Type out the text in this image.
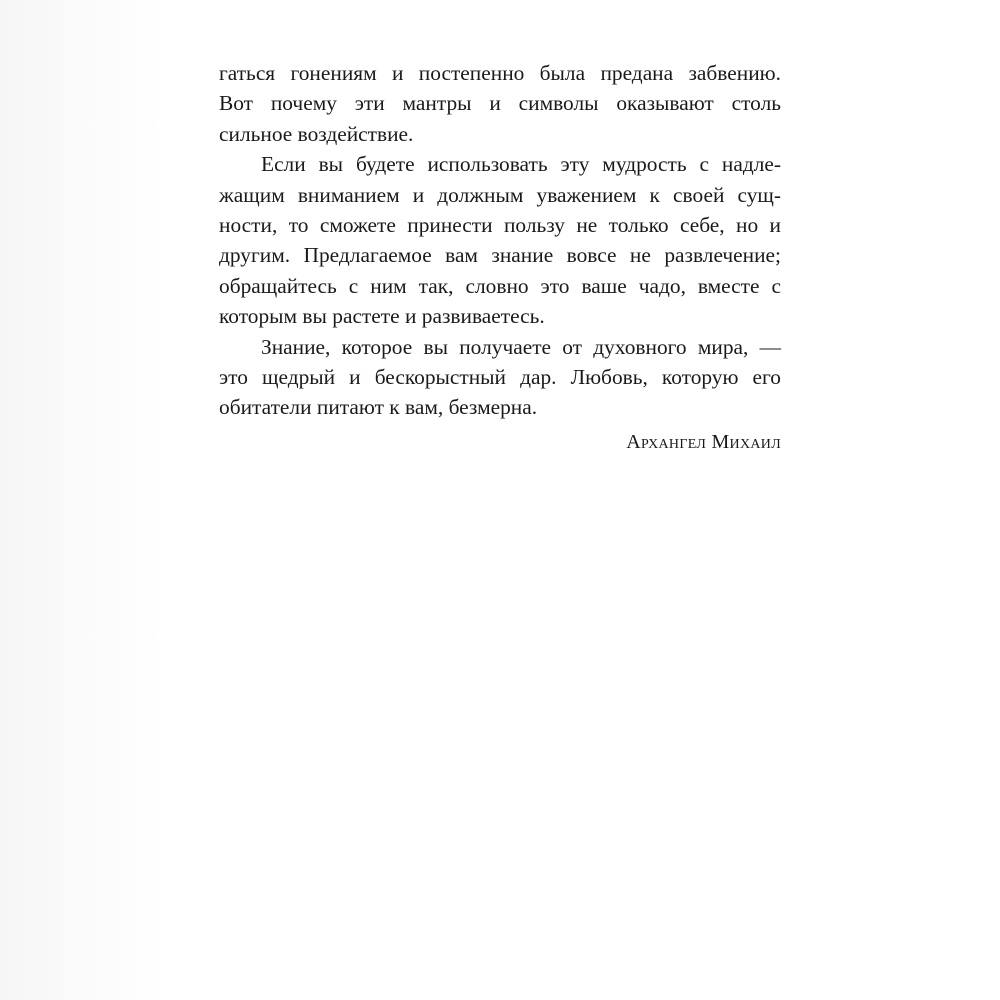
гаться гонениям и постепенно была предана забвению.
Вот почему эти мантры и символы оказывают столь
сильное воздействие.
Если вы будете использовать эту мудрость с надле-
жащим вниманием и должным уважением к своей сущ-
ности, то сможете принести пользу не только себе, но и
другим. Предлагаемое вам знание вовсе не развлечение;
обращайтесь с ним так, словно это ваше чадо, вместе с
которым вы растете и развиваетесь.
Знание, которое вы получаете от духовного мира, —
это щедрый и бескорыстный дар. Любовь, которую его
обитатели питают к вам, безмерна.
Архангел Михаил
